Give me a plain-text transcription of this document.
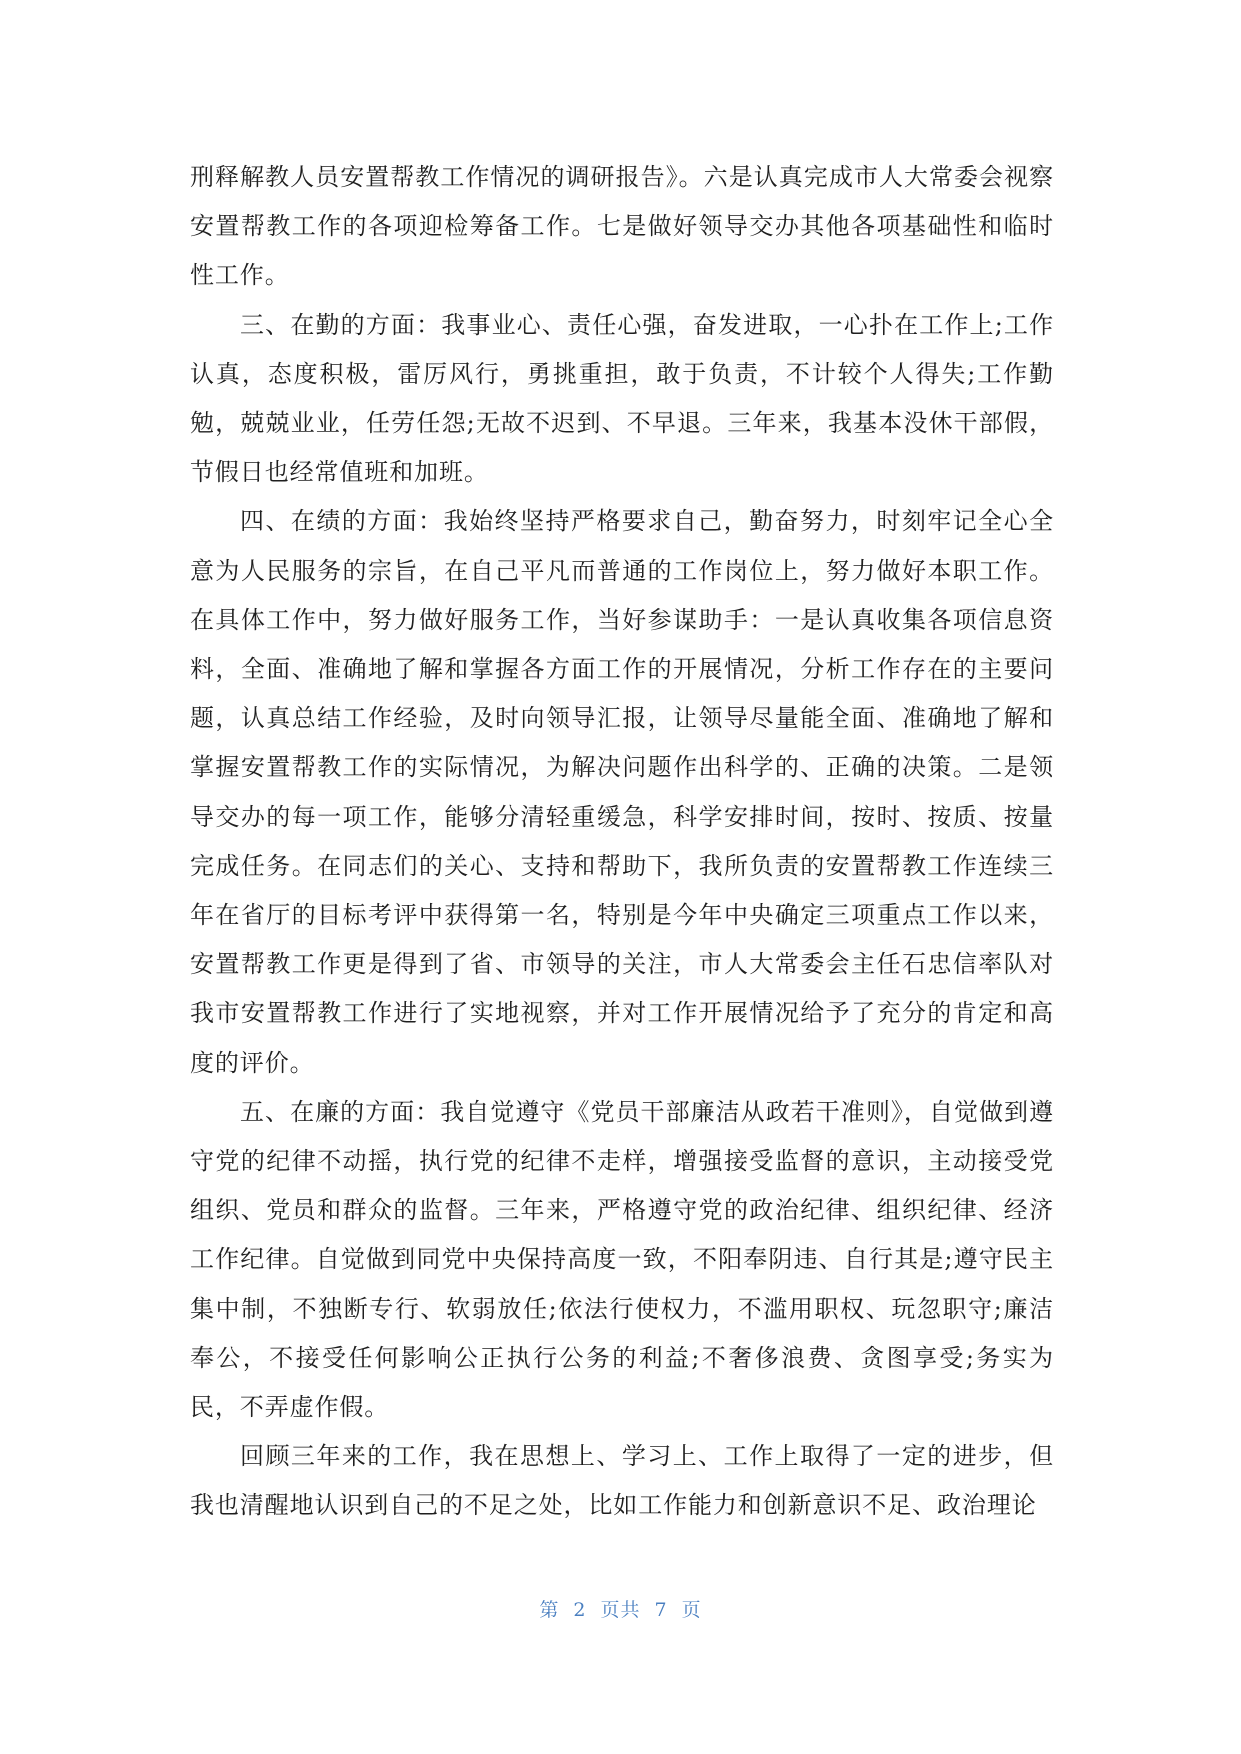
刑释解教人员安置帮教工作情况的调研报告》。六是认真完成市人大常委会视察安置帮教工作的各项迎检筹备工作。七是做好领导交办其他各项基础性和临时性工作。

三、在勤的方面：我事业心、责任心强，奋发进取，一心扑在工作上;工作认真，态度积极，雷厉风行，勇挑重担，敢于负责，不计较个人得失;工作勤勉，兢兢业业，任劳任怨;无故不迟到、不早退。三年来，我基本没休干部假，节假日也经常值班和加班。

四、在绩的方面：我始终坚持严格要求自己，勤奋努力，时刻牢记全心全意为人民服务的宗旨，在自己平凡而普通的工作岗位上，努力做好本职工作。在具体工作中，努力做好服务工作，当好参谋助手：一是认真收集各项信息资料，全面、准确地了解和掌握各方面工作的开展情况，分析工作存在的主要问题，认真总结工作经验，及时向领导汇报，让领导尽量能全面、准确地了解和掌握安置帮教工作的实际情况，为解决问题作出科学的、正确的决策。二是领导交办的每一项工作，能够分清轻重缓急，科学安排时间，按时、按质、按量完成任务。在同志们的关心、支持和帮助下，我所负责的安置帮教工作连续三年在省厅的目标考评中获得第一名，特别是今年中央确定三项重点工作以来，安置帮教工作更是得到了省、市领导的关注，市人大常委会主任石忠信率队对我市安置帮教工作进行了实地视察，并对工作开展情况给予了充分的肯定和高度的评价。

五、在廉的方面：我自觉遵守《党员干部廉洁从政若干准则》，自觉做到遵守党的纪律不动摇，执行党的纪律不走样，增强接受监督的意识，主动接受党组织、党员和群众的监督。三年来，严格遵守党的政治纪律、组织纪律、经济工作纪律。自觉做到同党中央保持高度一致，不阳奉阴违、自行其是;遵守民主集中制，不独断专行、软弱放任;依法行使权力，不滥用职权、玩忽职守;廉洁奉公，不接受任何影响公正执行公务的利益;不奢侈浪费、贪图享受;务实为民，不弄虚作假。

回顾三年来的工作，我在思想上、学习上、工作上取得了一定的进步，但我也清醒地认识到自己的不足之处，比如工作能力和创新意识不足、政治理论

第 2 页共 7 页
